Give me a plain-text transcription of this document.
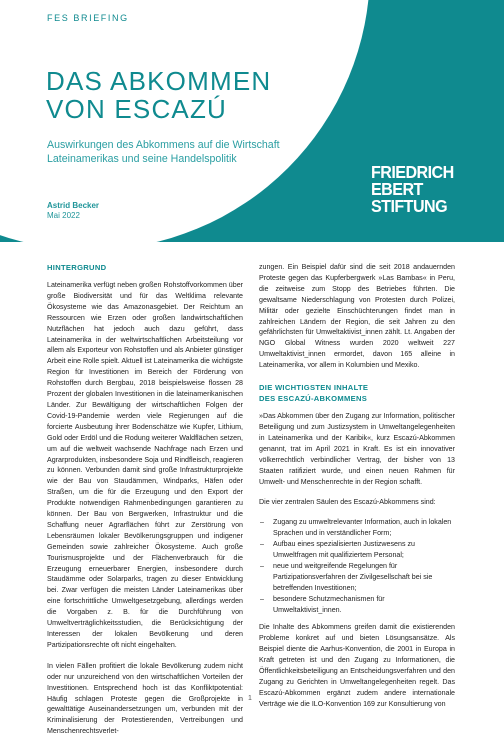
FES BRIEFING
DAS ABKOMMEN
VON ESCAZÚ
Auswirkungen des Abkommens auf die Wirtschaft
Lateinamerikas und seine Handelspolitik
Astrid Becker
Mai 2022
FRIEDRICH
EBERT
STIFTUNG
HINTERGRUND

Lateinamerika verfügt neben großen Rohstoffvorkommen über große Biodiversität und für das Weltklima relevante Ökosysteme wie das Amazonasgebiet. Der Reichtum an Ressourcen wie Erzen oder großen landwirtschaftlichen Nutzflächen hat jedoch auch dazu geführt, dass Lateinamerika in der weltwirtschaftlichen Arbeitsteilung vor allem als Exporteur von Rohstoffen und als Anbieter günstiger Arbeit eine Rolle spielt. Aktuell ist Lateinamerika die wichtigste Region für Investitionen im Bereich der Förderung von Rohstoffen durch Bergbau, 2018 beispielsweise flossen 28 Prozent der globalen Investitionen in die lateinamerikanischen Länder. Zur Bewältigung der wirtschaftlichen Folgen der Covid-19-Pandemie werden viele Regierungen auf die forcierte Ausbeutung ihrer Bodenschätze wie Kupfer, Lithium, Gold oder Erdöl und die Rodung weiterer Waldflächen setzen, um auf die weltweit wachsende Nachfrage nach Erzen und Agrarprodukten, insbesondere Soja und Rindfleisch, reagieren zu können. Verbunden damit sind große Infrastrukturprojekte wie der Bau von Staudämmen, Windparks, Häfen oder Straßen, um die für die Erzeugung und den Export der Produkte notwendigen Rahmenbedingungen garantieren zu können. Der Bau von Bergwerken, Infrastruktur und die Schaffung neuer Agrarflächen führt zur Zerstörung von Lebensräumen lokaler Bevölkerungsgruppen und indigener Gemeinden sowie zahlreicher Ökosysteme. Auch große Tourismusprojekte und der Flächenverbrauch für die Erzeugung erneuerbarer Energien, insbesondere durch Staudämme oder Solarparks, tragen zu dieser Entwicklung bei. Zwar verfügen die meisten Länder Lateinamerikas über eine fortschrittliche Umweltgesetzgebung, allerdings werden die Vorgaben z. B. für die Durchführung von Umweltverträglichkeitsstudien, die Berücksichtigung der Interessen der lokalen Bevölkerung und deren Partizipationsrechte oft nicht eingehalten.

In vielen Fällen profitiert die lokale Bevölkerung zudem nicht oder nur unzureichend von den wirtschaftlichen Vorteilen der Investitionen. Entsprechend hoch ist das Konfliktpotential: Häufig schlagen Proteste gegen die Großprojekte in gewalttätige Auseinandersetzungen um, verbunden mit der Kriminalisierung der Protestierenden, Vertreibungen und Menschenrechtsverlet-

zungen. Ein Beispiel dafür sind die seit 2018 andauernden Proteste gegen das Kupferbergwerk »Las Bambas« in Peru, die zeitweise zum Stopp des Betriebes führten. Die gewaltsame Niederschlagung von Protesten durch Polizei, Militär oder gezielte Einschüchterungen findet man in zahlreichen Ländern der Region, die seit Jahren zu den gefährlichsten für Umweltaktivist_innen zählt. Lt. Angaben der NGO Global Witness wurden 2020 weltweit 227 Umweltaktivist_innen ermordet, davon 165 alleine in Lateinamerika, vor allem in Kolumbien und Mexiko.

DIE WICHTIGSTEN INHALTE
DES ESCAZÚ-ABKOMMENS

»Das Abkommen über den Zugang zur Information, politischer Beteiligung und zum Justizsystem in Umweltangelegenheiten in Lateinamerika und der Karibik«, kurz Escazú-Abkommen genannt, trat im April 2021 in Kraft. Es ist ein innovativer völkerrechtlich verbindlicher Vertrag, der bisher von 13 Staaten ratifiziert wurde, und einen neuen Rahmen für Umwelt- und Menschenrechte in der Region schafft.

Die vier zentralen Säulen des Escazú-Abkommens sind:

– Zugang zu umweltrelevanter Information, auch in lokalen Sprachen und in verständlicher Form;
– Aufbau eines spezialisierten Justizwesens zu Umweltfragen mit qualifiziertem Personal;
– neue und weitgreifende Regelungen für Partizipationsverfahren der Zivilgesellschaft bei sie betreffenden Investitionen;
– besondere Schutzmechanismen für Umweltaktivist_innen.

Die Inhalte des Abkommens greifen damit die existierenden Probleme konkret auf und bieten Lösungsansätze. Als Beispiel diente die Aarhus-Konvention, die 2001 in Europa in Kraft getreten ist und den Zugang zu Informationen, die Öffentlichkeitsbeteiligung an Entscheidungsverfahren und den Zugang zu Gerichten in Umweltangelegenheiten regelt. Das Escazú-Abkommen ergänzt zudem andere internationale Verträge wie die ILO-Konvention 169 zur Konsultierung von

1
